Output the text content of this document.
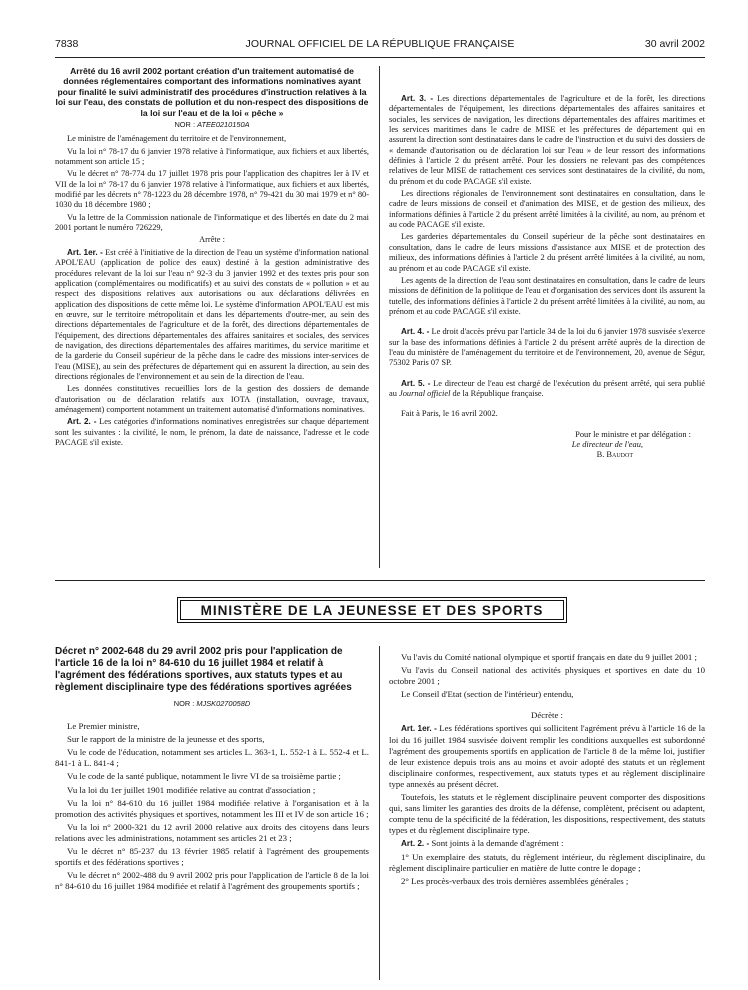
7838	JOURNAL OFFICIEL DE LA RÉPUBLIQUE FRANÇAISE	30 avril 2002
Arrêté du 16 avril 2002 portant création d'un traitement automatisé de données réglementaires comportant des informations nominatives ayant pour finalité le suivi administratif des procédures d'instruction relatives à la loi sur l'eau, des constats de pollution et du non-respect des dispositions de la loi sur l'eau et de la loi « pêche »
NOR : ATEE0210150A

Le ministre de l'aménagement du territoire et de l'environnement,

Vu la loi n° 78-17 du 6 janvier 1978 relative à l'informatique, aux fichiers et aux libertés, notamment son article 15 ;

Vu le décret n° 78-774 du 17 juillet 1978 pris pour l'application des chapitres Ier à IV et VII de la loi n° 78-17 du 6 janvier 1978 relative à l'informatique, aux fichiers et aux libertés, modifié par les décrets n° 78-1223 du 28 décembre 1978, n° 79-421 du 30 mai 1979 et n° 80-1030 du 18 décembre 1980 ;

Vu la lettre de la Commission nationale de l'informatique et des libertés en date du 2 mai 2001 portant le numéro 726229,

Arrête :

Art. 1er. - Est créé à l'initiative de la direction de l'eau un système d'information national APOL'EAU (application de police des eaux) destiné à la gestion administrative des procédures relevant de la loi sur l'eau n° 92-3 du 3 janvier 1992 et des textes pris pour son application (complémentaires ou modificatifs) et au suivi des constats de « pollution » et au respect des dispositions relatives aux autorisations ou aux déclarations délivrées en application des dispositions de cette même loi. Le système d'information APOL'EAU est mis en œuvre, sur le territoire métropolitain et dans les départements d'outre-mer, au sein des directions départementales de l'agriculture et de la forêt, des directions départementales de l'équipement, des directions départementales des affaires sanitaires et sociales, des services de navigation, des directions départementales des affaires maritimes, du service maritime et de la garderie du Conseil supérieur de la pêche dans le cadre des missions inter-services de l'eau (MISE), au sein des préfectures de département qui en assurent la direction, au sein des directions régionales de l'environnement et au sein de la direction de l'eau.

Les données constitutives recueillies lors de la gestion des dossiers de demande d'autorisation ou de déclaration relatifs aux IOTA (installation, ouvrage, travaux, aménagement) comportent notamment un traitement automatisé d'informations nominatives.

Art. 2. - Les catégories d'informations nominatives enregistrées sur chaque département sont les suivantes : la civilité, le nom, le prénom, la date de naissance, l'adresse et le code PACAGE s'il existe.

Art. 3. - Les directions départementales de l'agriculture et de la forêt, les directions départementales de l'équipement, les directions départementales des affaires sanitaires et sociales, les services de navigation, les directions départementales des affaires maritimes et les services maritimes dans le cadre de MISE et les préfectures de département qui en assurent la direction sont destinataires dans le cadre de l'instruction et du suivi des dossiers de « demande d'autorisation ou de déclaration loi sur l'eau » de leur ressort des informations définies à l'article 2 du présent arrêté. Pour les dossiers ne relevant pas des compétences relatives de leur MISE de rattachement ces services sont destinataires de la civilité, du nom, du prénom et du code PACAGE s'il existe.

Les directions régionales de l'environnement sont destinataires en consultation, dans le cadre de leurs missions de conseil et d'animation des MISE, et de gestion des milieux, des informations définies à l'article 2 du présent arrêté limitées à la civilité, au nom, au prénom et au code PACAGE s'il existe.

Les garderies départementales du Conseil supérieur de la pêche sont destinataires en consultation, dans le cadre de leurs missions d'assistance aux MISE et de protection des milieux, des informations définies à l'article 2 du présent arrêté limitées à la civilité, au nom, au prénom et au code PACAGE s'il existe.

Les agents de la direction de l'eau sont destinataires en consultation, dans le cadre de leurs missions de définition de la politique de l'eau et d'organisation des services dont ils assurent la tutelle, des informations définies à l'article 2 du présent arrêté limitées à la civilité, au nom, au prénom et au code PACAGE s'il existe.

Art. 4. - Le droit d'accès prévu par l'article 34 de la loi du 6 janvier 1978 susvisée s'exerce sur la base des informations définies à l'article 2 du présent arrêté auprès de la direction de l'eau du ministère de l'aménagement du territoire et de l'environnement, 20, avenue de Ségur, 75302 Paris 07 SP.

Art. 5. - Le directeur de l'eau est chargé de l'exécution du présent arrêté, qui sera publié au Journal officiel de la République française.

Fait à Paris, le 16 avril 2002.

Pour le ministre et par délégation :

Le directeur de l'eau,

B. Baudot

MINISTÈRE DE LA JEUNESSE ET DES SPORTS
Décret n° 2002-648 du 29 avril 2002 pris pour l'application de l'article 16 de la loi n° 84-610 du 16 juillet 1984 et relatif à l'agrément des fédérations sportives, aux statuts types et au règlement disciplinaire type des fédérations sportives agréées
NOR : MJSK0270058D

Le Premier ministre,

Sur le rapport de la ministre de la jeunesse et des sports,

Vu le code de l'éducation, notamment ses articles L. 363-1, L. 552-1 à L. 552-4 et L. 841-1 à L. 841-4 ;

Vu le code de la santé publique, notamment le livre VI de sa troisième partie ;

Vu la loi du 1er juillet 1901 modifiée relative au contrat d'association ;

Vu la loi n° 84-610 du 16 juillet 1984 modifiée relative à l'organisation et à la promotion des activités physiques et sportives, notamment les III et IV de son article 16 ;

Vu la loi n° 2000-321 du 12 avril 2000 relative aux droits des citoyens dans leurs relations avec les administrations, notamment ses articles 21 et 23 ;

Vu le décret n° 85-237 du 13 février 1985 relatif à l'agrément des groupements sportifs et des fédérations sportives ;

Vu le décret n° 2002-488 du 9 avril 2002 pris pour l'application de l'article 8 de la loi n° 84-610 du 16 juillet 1984 modifiée et relatif à l'agrément des groupements sportifs ;

Vu l'avis du Comité national olympique et sportif français en date du 9 juillet 2001 ;

Vu l'avis du Conseil national des activités physiques et sportives en date du 10 octobre 2001 ;

Le Conseil d'Etat (section de l'intérieur) entendu,

Décrète :

Art. 1er. - Les fédérations sportives qui sollicitent l'agrément prévu à l'article 16 de la loi du 16 juillet 1984 susvisée doivent remplir les conditions auxquelles est subordonné l'agrément des groupements sportifs en application de l'article 8 de la même loi, justifier de leur existence depuis trois ans au moins et avoir adopté des statuts et un règlement disciplinaire conformes, respectivement, aux statuts types et au règlement disciplinaire type annexés au présent décret.

Toutefois, les statuts et le règlement disciplinaire peuvent comporter des dispositions qui, sans limiter les garanties des droits de la défense, complètent, précisent ou adaptent, compte tenu de la spécificité de la fédération, les dispositions, respectivement, des statuts types et du règlement disciplinaire type.

Art. 2. - Sont joints à la demande d'agrément :

1° Un exemplaire des statuts, du règlement intérieur, du règlement disciplinaire, du règlement disciplinaire particulier en matière de lutte contre le dopage ;

2° Les procès-verbaux des trois dernières assemblées générales ;
